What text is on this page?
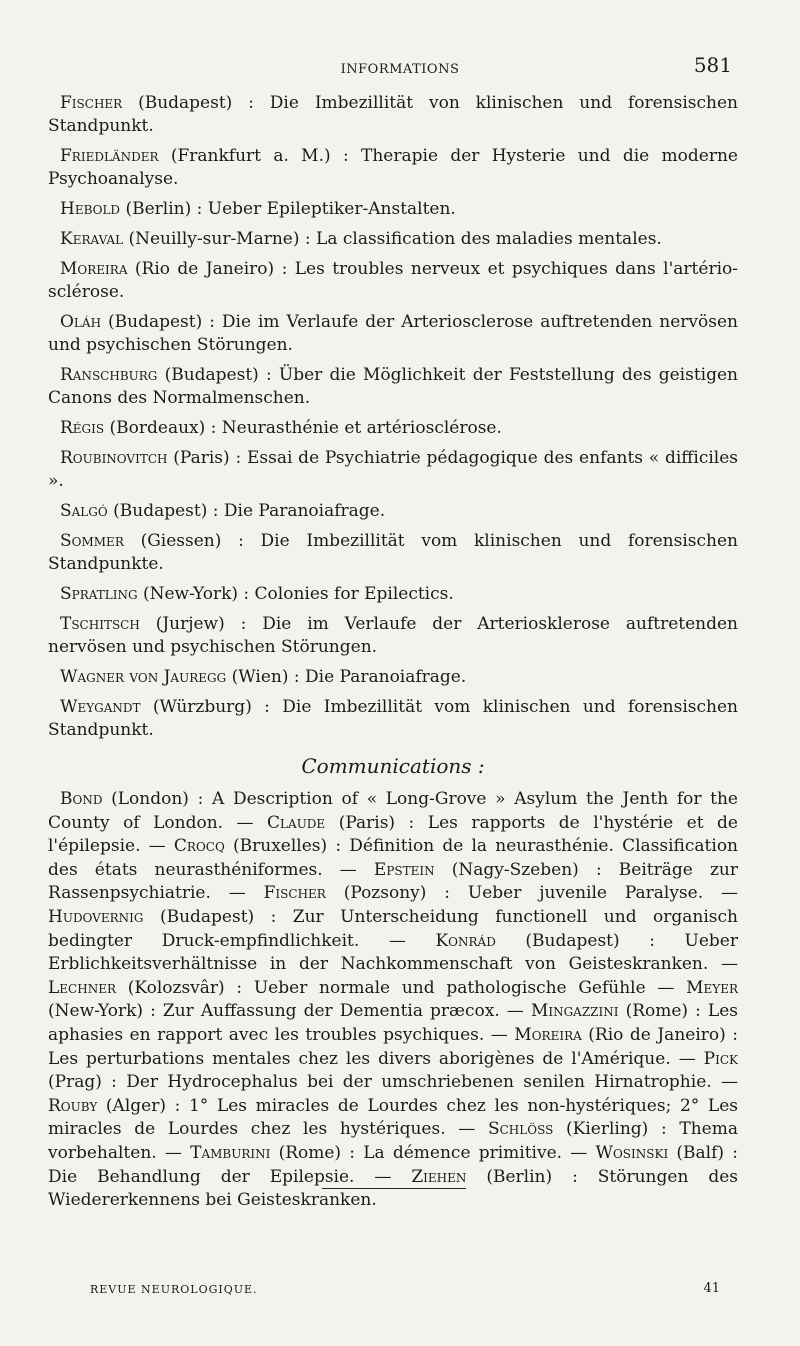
INFORMATIONS	581

Fischer (Budapest) : Die Imbezillität von klinischen und forensischen Standpunkt.

Friedländer (Frankfurt a. M.) : Therapie der Hysterie und die moderne Psychoanalyse.

Hebold (Berlin) : Ueber Epileptiker-Anstalten.

Keraval (Neuilly-sur-Marne) : La classification des maladies mentales.

Moreira (Rio de Janeiro) : Les troubles nerveux et psychiques dans l'artério-sclérose.

Oláh (Budapest) : Die im Verlaufe der Arteriosclerose auftretenden nervösen und psychischen Störungen.

Ranschburg (Budapest) : Über die Möglichkeit der Feststellung des geistigen Canons des Normalmenschen.

Régis (Bordeaux) : Neurasthénie et artériosclérose.

Roubinovitch (Paris) : Essai de Psychiatrie pédagogique des enfants « difficiles ».

Salgó (Budapest) : Die Paranoiafrage.

Sommer (Giessen) : Die Imbezillität vom klinischen und forensischen Standpunkte.

Spratling (New-York) : Colonies for Epilectics.

Tschitsch (Jurjew) : Die im Verlaufe der Arteriosklerose auftretenden nervösen und psychischen Störungen.

Wagner von Jauregg (Wien) : Die Paranoiafrage.

Weygandt (Würzburg) : Die Imbezillität vom klinischen und forensischen Standpunkt.

Communications :

Bond (London) : A Description of « Long-Grove » Asylum the Jenth for the County of London. — Claude (Paris) : Les rapports de l'hystérie et de l'épilepsie. — Crocq (Bruxelles) : Définition de la neurasthénie. Classification des états neurasthéniformes. — Epstein (Nagy-Szeben) : Beiträge zur Rassenpsychiatrie. — Fischer (Pozsony) : Ueber juvenile Paralyse. — Hudovernig (Budapest) : Zur Unterscheidung functionell und organisch bedingter Druck-empfindlichkeit. — Konrád (Budapest) : Ueber Erblichkeitsverhältnisse in der Nachkommenschaft von Geisteskranken. — Lechner (Kolozsvâr) : Ueber normale und pathologische Gefühle — Meyer (New-York) : Zur Auffassung der Dementia præcox. — Mingazzini (Rome) : Les aphasies en rapport avec les troubles psychiques. — Moreira (Rio de Janeiro) : Les perturbations mentales chez les divers aborigènes de l'Amérique. — Pick (Prag) : Der Hydrocephalus bei der umschriebenen senilen Hirnatrophie. — Rouby (Alger) : 1° Les miracles de Lourdes chez les non-hystériques; 2° Les miracles de Lourdes chez les hystériques. — Schlöss (Kierling) : Thema vorbehalten. — Tamburini (Rome) : La démence primitive. — Wosinski (Balf) : Die Behandlung der Epilepsie. — Ziehen (Berlin) : Störungen des Wiedererkennens bei Geisteskranken.

REVUE NEUROLOGIQUE.	41
